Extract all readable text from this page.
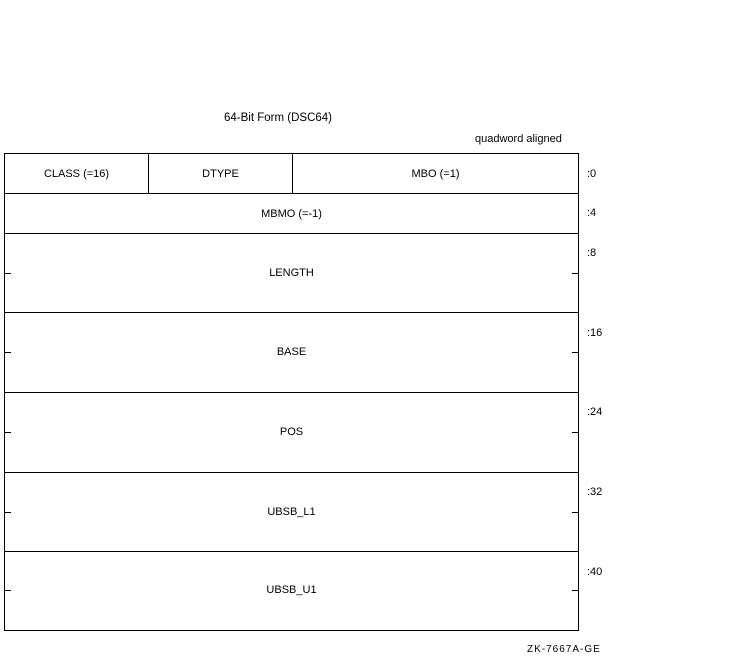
64-Bit Form (DSC64)
quadword aligned
CLASS (=16)	DTYPE	MBO (=1)
MBMO (=-1)
LENGTH
BASE
POS
UBSB_L1
UBSB_U1
:0
:4
:8
:16
:24
:32
:40
ZK-7667A-GE
